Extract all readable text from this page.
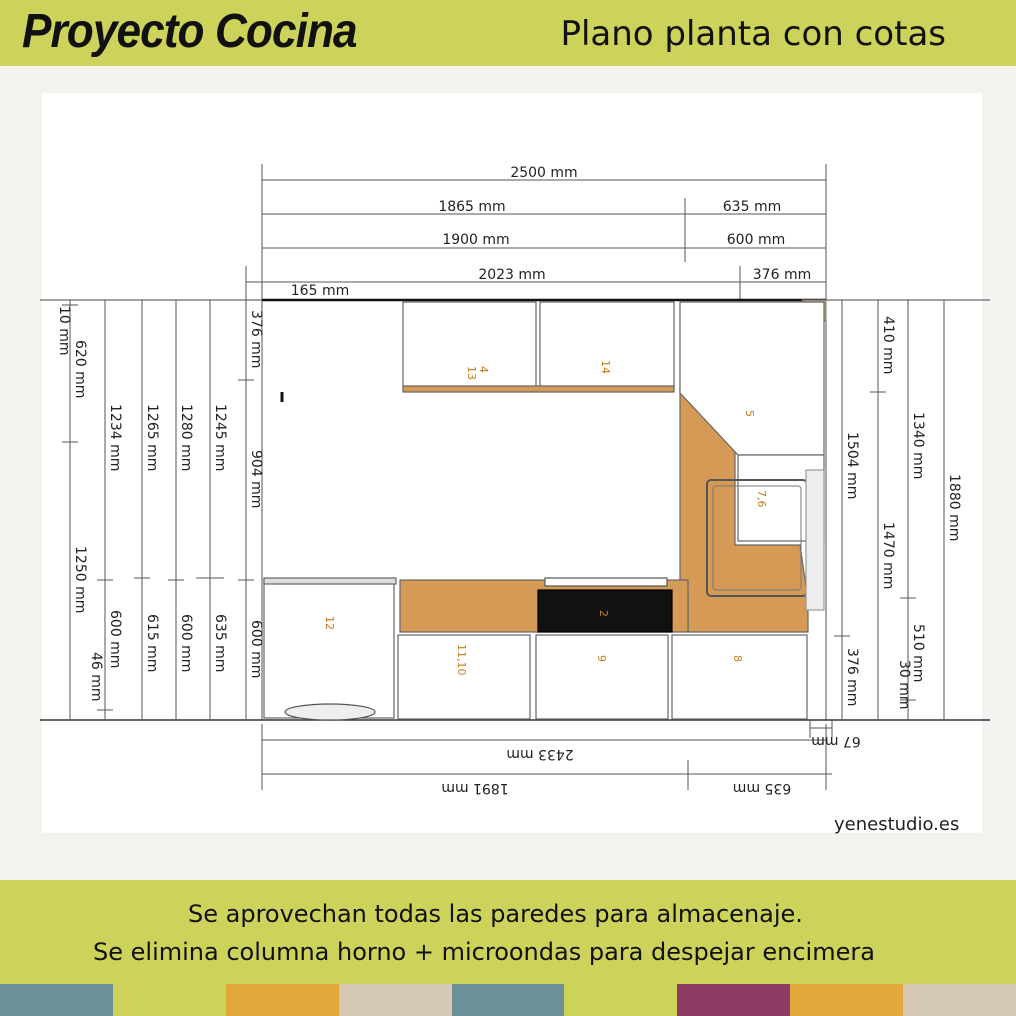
Proyecto Cocina	Plano planta con cotas
2500 mm
1865 mm	635 mm
1900 mm	600 mm
165 mm
2023 mm	376 mm
13 4	14
5
7,6
12
11,10
2
9	8
10 mm
620 mm
1250 mm
1234 mm
600 mm
46 mm
1265 mm
615 mm
1280 mm
600 mm
1245 mm
635 mm
376 mm
904 mm
600 mm
410 mm
1504 mm
376 mm
1470 mm
1340 mm
510 mm
30 mm
1880 mm
2433 mm
1891 mm	635 mm
67 mm
yenestudio.es
Se aprovechan todas las paredes para almacenaje.
Se elimina columna horno + microondas para despejar encimera
